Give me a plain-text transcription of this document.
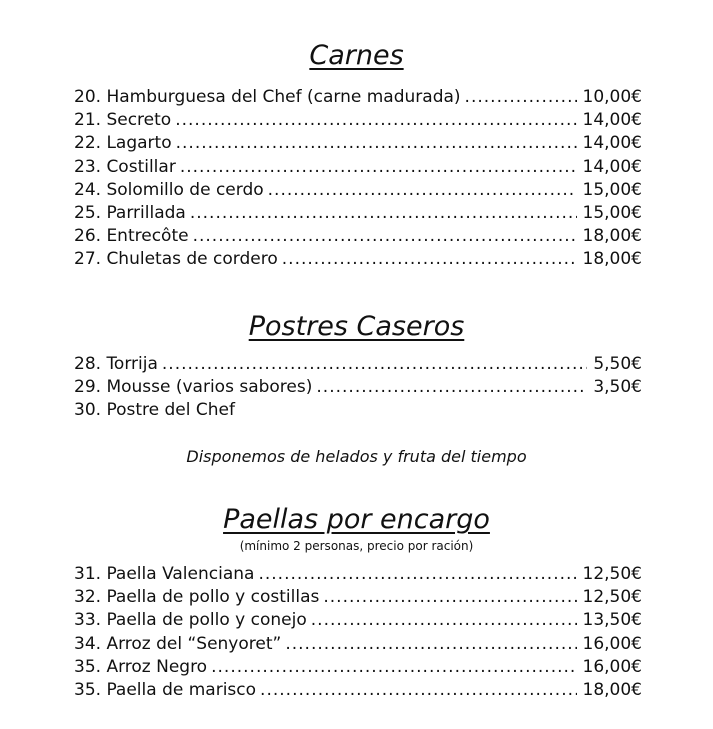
Carnes
20. Hamburguesa del Chef (carne madurada) . . .	10,00€
21. Secreto . . .	14,00€
22. Lagarto . . .	14,00€
23. Costillar . . .	14,00€
24. Solomillo de cerdo . . .	15,00€
25. Parrillada . . .	15,00€
26. Entrecôte . . .	18,00€
27. Chuletas de cordero . . .	18,00€
Postres Caseros
28. Torrija . . .	5,50€
29. Mousse (varios sabores) . . .	3,50€
30. Postre del Chef
Disponemos de helados y fruta del tiempo
Paellas por encargo
(mínimo 2 personas, precio por ración)
31. Paella Valenciana . . .	12,50€
32. Paella de pollo y costillas . . .	12,50€
33. Paella de pollo y conejo . . .	13,50€
34. Arroz del “Senyoret” . . .	16,00€
35. Arroz Negro . . .	16,00€
35. Paella de marisco . . .	18,00€
